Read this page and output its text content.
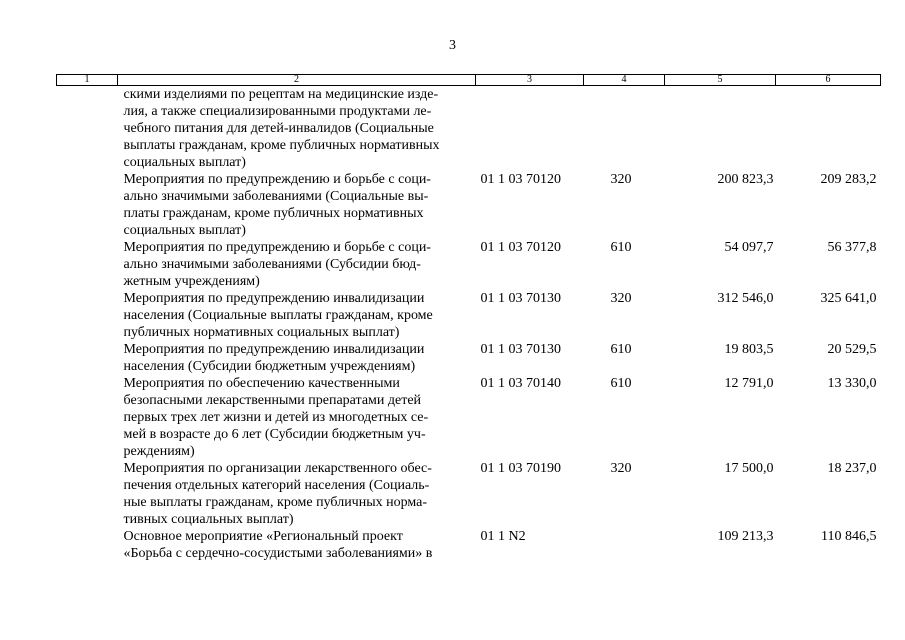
3
1	2	3	4	5	6
	скими изделиями по рецептам на медицинские изде-
лия, а также специализированными продуктами ле-
чебного питания для детей-инвалидов (Социальные
выплаты гражданам, кроме публичных нормативных
социальных выплат)				
	Мероприятия по предупреждению и борьбе с соци-
ально значимыми заболеваниями (Социальные вы-
платы гражданам, кроме публичных нормативных
социальных выплат)	01 1 03 70120	320	200 823,3	209 283,2
	Мероприятия по предупреждению и борьбе с соци-
ально значимыми заболеваниями (Субсидии бюд-
жетным учреждениям)	01 1 03 70120	610	54 097,7	56 377,8
	Мероприятия по предупреждению инвалидизации
населения (Социальные выплаты гражданам, кроме
публичных нормативных социальных выплат)	01 1 03 70130	320	312 546,0	325 641,0
	Мероприятия по предупреждению инвалидизации
населения (Субсидии бюджетным учреждениям)	01 1 03 70130	610	19 803,5	20 529,5
	Мероприятия по обеспечению качественными
безопасными лекарственными препаратами детей
первых трех лет жизни и детей из многодетных се-
мей в возрасте до 6 лет (Субсидии бюджетным уч-
реждениям)	01 1 03 70140	610	12 791,0	13 330,0
	Мероприятия по организации лекарственного обес-
печения отдельных категорий населения (Социаль-
ные выплаты гражданам, кроме публичных норма-
тивных социальных выплат)	01 1 03 70190	320	17 500,0	18 237,0
	Основное мероприятие «Региональный проект
«Борьба с сердечно-сосудистыми заболеваниями» в	01 1 N2		109 213,3	110 846,5
